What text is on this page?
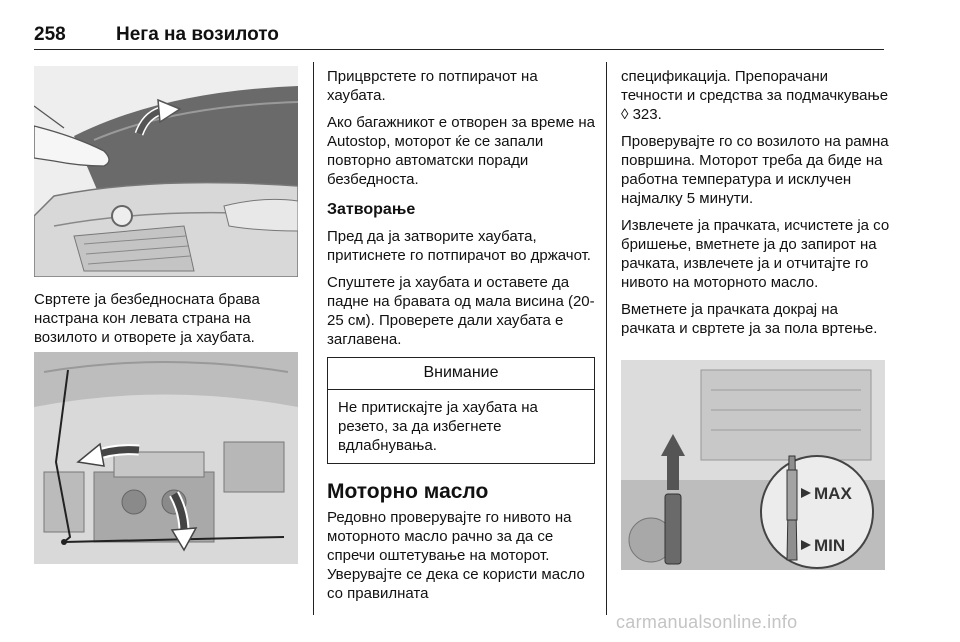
258	Нега на возилото

Свртете ја безбедносната брава настрана кон левата страна на возилото и отворете ја хаубата.

Прицврстете го потпирачот на хаубата.

Ако багажникот е отворен за време на Autostop, моторот ќе се запали повторно автоматски поради безбедноста.

Затворање

Пред да ја затворите хаубата, притиснете го потпирачот во држачот.

Спуштете ја хаубата и оставете да падне на бравата од мала висина (20-25 см). Проверете дали хаубата е заглавена.

Внимание
Не притискајте ја хаубата на резето, за да избегнете вдлабнувања.
Моторно масло

Редовно проверувајте го нивото на моторното масло рачно за да се спречи оштетување на моторот. Уверувајте се дека се користи масло со правилната

спецификација. Препорачани течности и средства за подмачкување ◊ 323.

Проверувајте го со возилото на рамна површина. Моторот треба да биде на работна температура и исклучен најмалку 5 минути.

Извлечете ја прачката, исчистете ја со бришење, вметнете ја до запирот на рачката, извлечете ја и отчитајте го нивото на моторното масло.

Вметнете ја прачката докрај на рачката и свртете ја за пола вртење.

MAX
MIN
carmanualsonline.info
